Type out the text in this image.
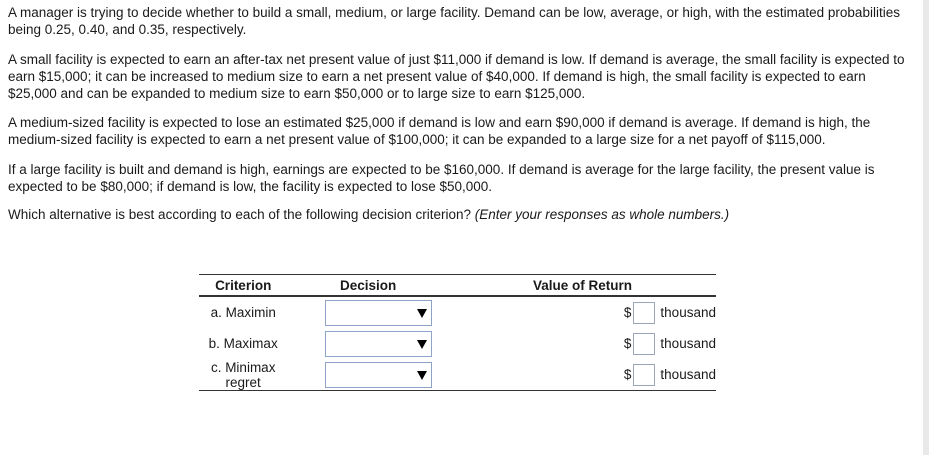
A manager is trying to decide whether to build a small, medium, or large facility. Demand can be low, average, or high, with the estimated probabilities being 0.25, 0.40, and 0.35, respectively.

A small facility is expected to earn an after-tax net present value of just $11,000 if demand is low. If demand is average, the small facility is expected to earn $15,000; it can be increased to medium size to earn a net present value of $40,000. If demand is high, the small facility is expected to earn $25,000 and can be expanded to medium size to earn $50,000 or to large size to earn $125,000.

A medium-sized facility is expected to lose an estimated $25,000 if demand is low and earn $90,000 if demand is average. If demand is high, the medium-sized facility is expected to earn a net present value of $100,000; it can be expanded to a large size for a net payoff of $115,000.

If a large facility is built and demand is high, earnings are expected to be $160,000. If demand is average for the large facility, the present value is expected to be $80,000; if demand is low, the facility is expected to lose $50,000.

Which alternative is best according to each of the following decision criterion? (Enter your responses as whole numbers.)

Criterion	Decision	Value of Return
a. Maximin		$ thousand

b. Maximax		$ thousand

c. Minimax regret		$ thousand
